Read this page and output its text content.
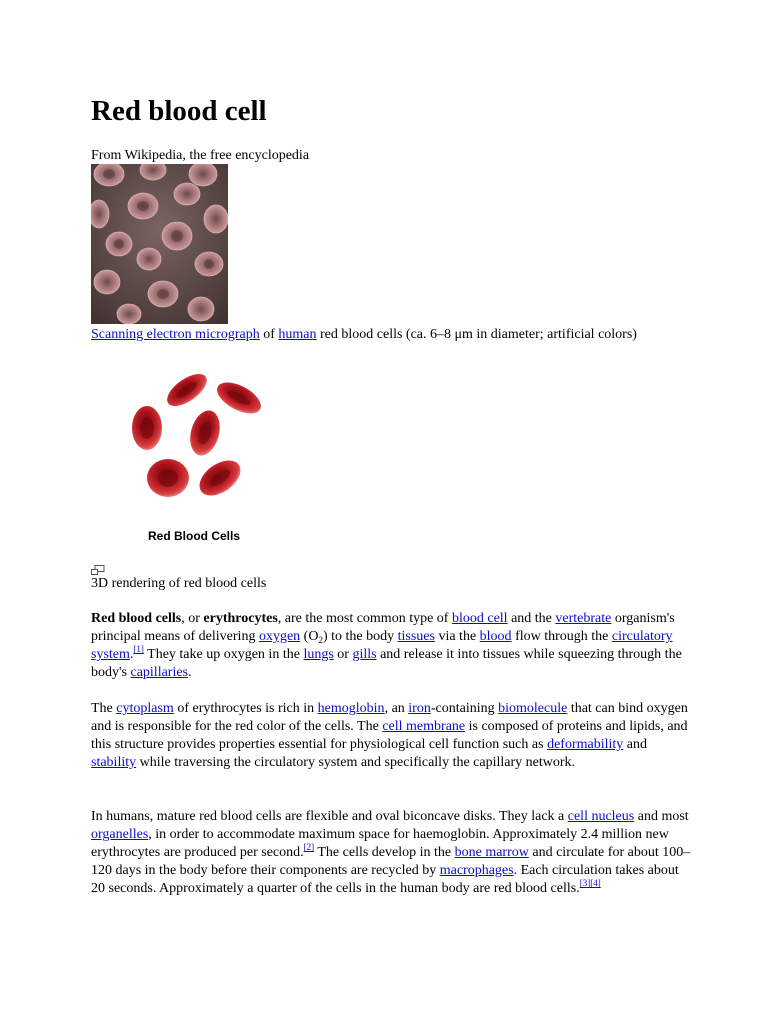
Red blood cell
From Wikipedia, the free encyclopedia
Scanning electron micrograph of human red blood cells (ca. 6–8 μm in diameter; artificial colors)
Red Blood Cells
3D rendering of red blood cells

Red blood cells, or erythrocytes, are the most common type of blood cell and the vertebrate organism's principal means of delivering oxygen $(O_2)$ to the body tissues via the blood flow through the circulatory system.[1] They take up oxygen in the lungs or gills and release it into tissues while squeezing through the body's capillaries.

The cytoplasm of erythrocytes is rich in hemoglobin, an iron-containing biomolecule that can bind oxygen and is responsible for the red color of the cells. The cell membrane is composed of proteins and lipids, and this structure provides properties essential for physiological cell function such as deformability and stability while traversing the circulatory system and specifically the capillary network.

In humans, mature red blood cells are flexible and oval biconcave disks. They lack a cell nucleus and most organelles, in order to accommodate maximum space for haemoglobin. Approximately 2.4 million new erythrocytes are produced per second.[2] The cells develop in the bone marrow and circulate for about 100–120 days in the body before their components are recycled by macrophages. Each circulation takes about 20 seconds. Approximately a quarter of the cells in the human body are red blood cells.[3][4]
